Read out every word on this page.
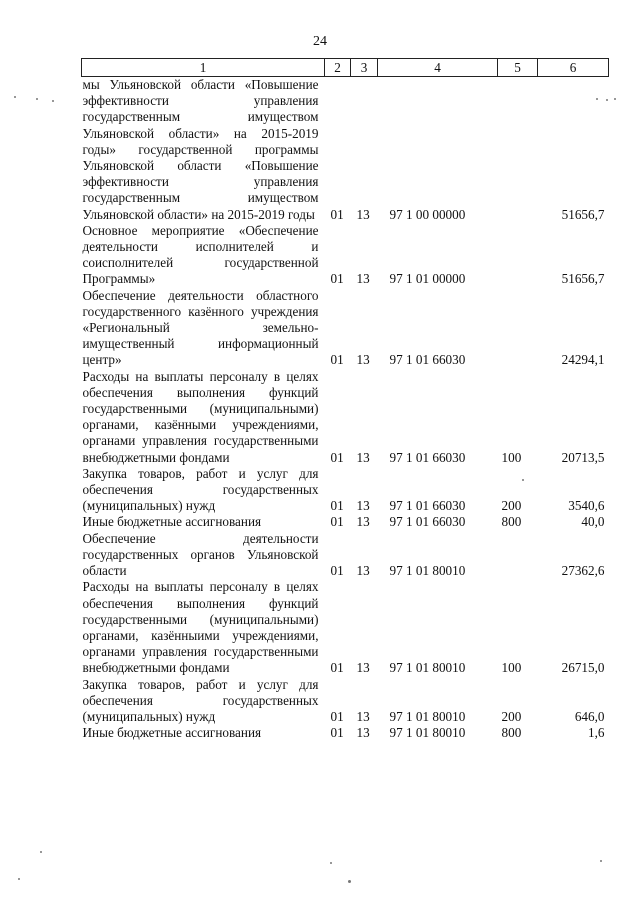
24
1	2	3	4	5	6
мы Ульяновской области «Повышение эффективности управления государственным имуществом Ульяновской области» на 2015-2019 годы» государственной программы Ульяновской области «Повышение эффективности управления государственным имуществом Ульяновской области» на 2015-2019 годы	01	13	97 1 00 00000		51656,7
Основное мероприятие «Обеспечение деятельности исполнителей и соисполнителей государственной Программы»	01	13	97 1 01 00000		51656,7
Обеспечение деятельности областного государственного казённого учреждения «Региональный земельно-имущественный информационный центр»	01	13	97 1 01 66030		24294,1
Расходы на выплаты персоналу в целях обеспечения выполнения функций государственными (муниципальными) органами, казёнными учреждениями, органами управления государственными внебюджетными фондами	01	13	97 1 01 66030	100	20713,5
Закупка товаров, работ и услуг для обеспечения государственных (муниципальных) нужд	01	13	97 1 01 66030	200	3540,6
Иные бюджетные ассигнования	01	13	97 1 01 66030	800	40,0
Обеспечение деятельности государственных органов Ульяновской области	01	13	97 1 01 80010		27362,6
Расходы на выплаты персоналу в целях обеспечения выполнения функций государственными (муниципальными) органами, казённыими учреждениями, органами управления государственными внебюджетными фондами	01	13	97 1 01 80010	100	26715,0
Закупка товаров, работ и услуг для обеспечения государственных (муниципальных) нужд	01	13	97 1 01 80010	200	646,0
Иные бюджетные ассигнования	01	13	97 1 01 80010	800	1,6
